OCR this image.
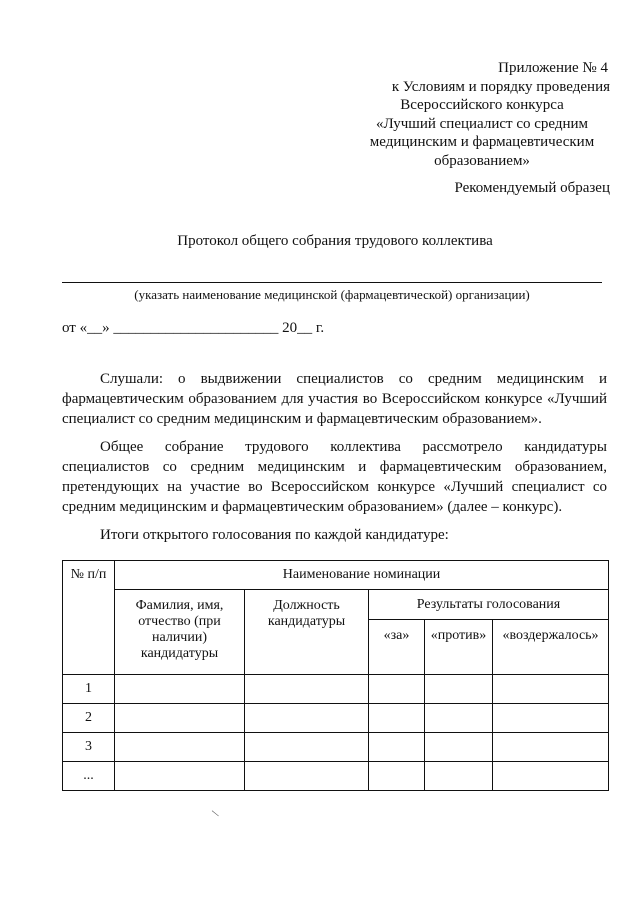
Приложение № 4
к Условиям и порядку проведения
Всероссийского конкурса
«Лучший специалист со средним
медицинским и фармацевтическим
образованием»
Рекомендуемый образец
Протокол общего собрания трудового коллектива
(указать наименование медицинской (фармацевтической) организации)
от «__» ______________________ 20__ г.

Слушали: о выдвижении специалистов со средним медицинским и фармацевтическим образованием для участия во Всероссийском конкурсе «Лучший специалист со средним медицинским и фармацевтическим образованием».

Общее собрание трудового коллектива рассмотрело кандидатуры специалистов со средним медицинским и фармацевтическим образованием, претендующих на участие во Всероссийском конкурсе «Лучший специалист со средним медицинским и фармацевтическим образованием» (далее – конкурс).

Итоги открытого голосования по каждой кандидатуре:

№ п/п	Наименование номинации				
	Фамилия, имя, отчество (при наличии) кандидатуры	Должность кандидатуры	Результаты голосования		
			«за»	«против»	«воздержалось»
1					
2					
3					
...					
/
